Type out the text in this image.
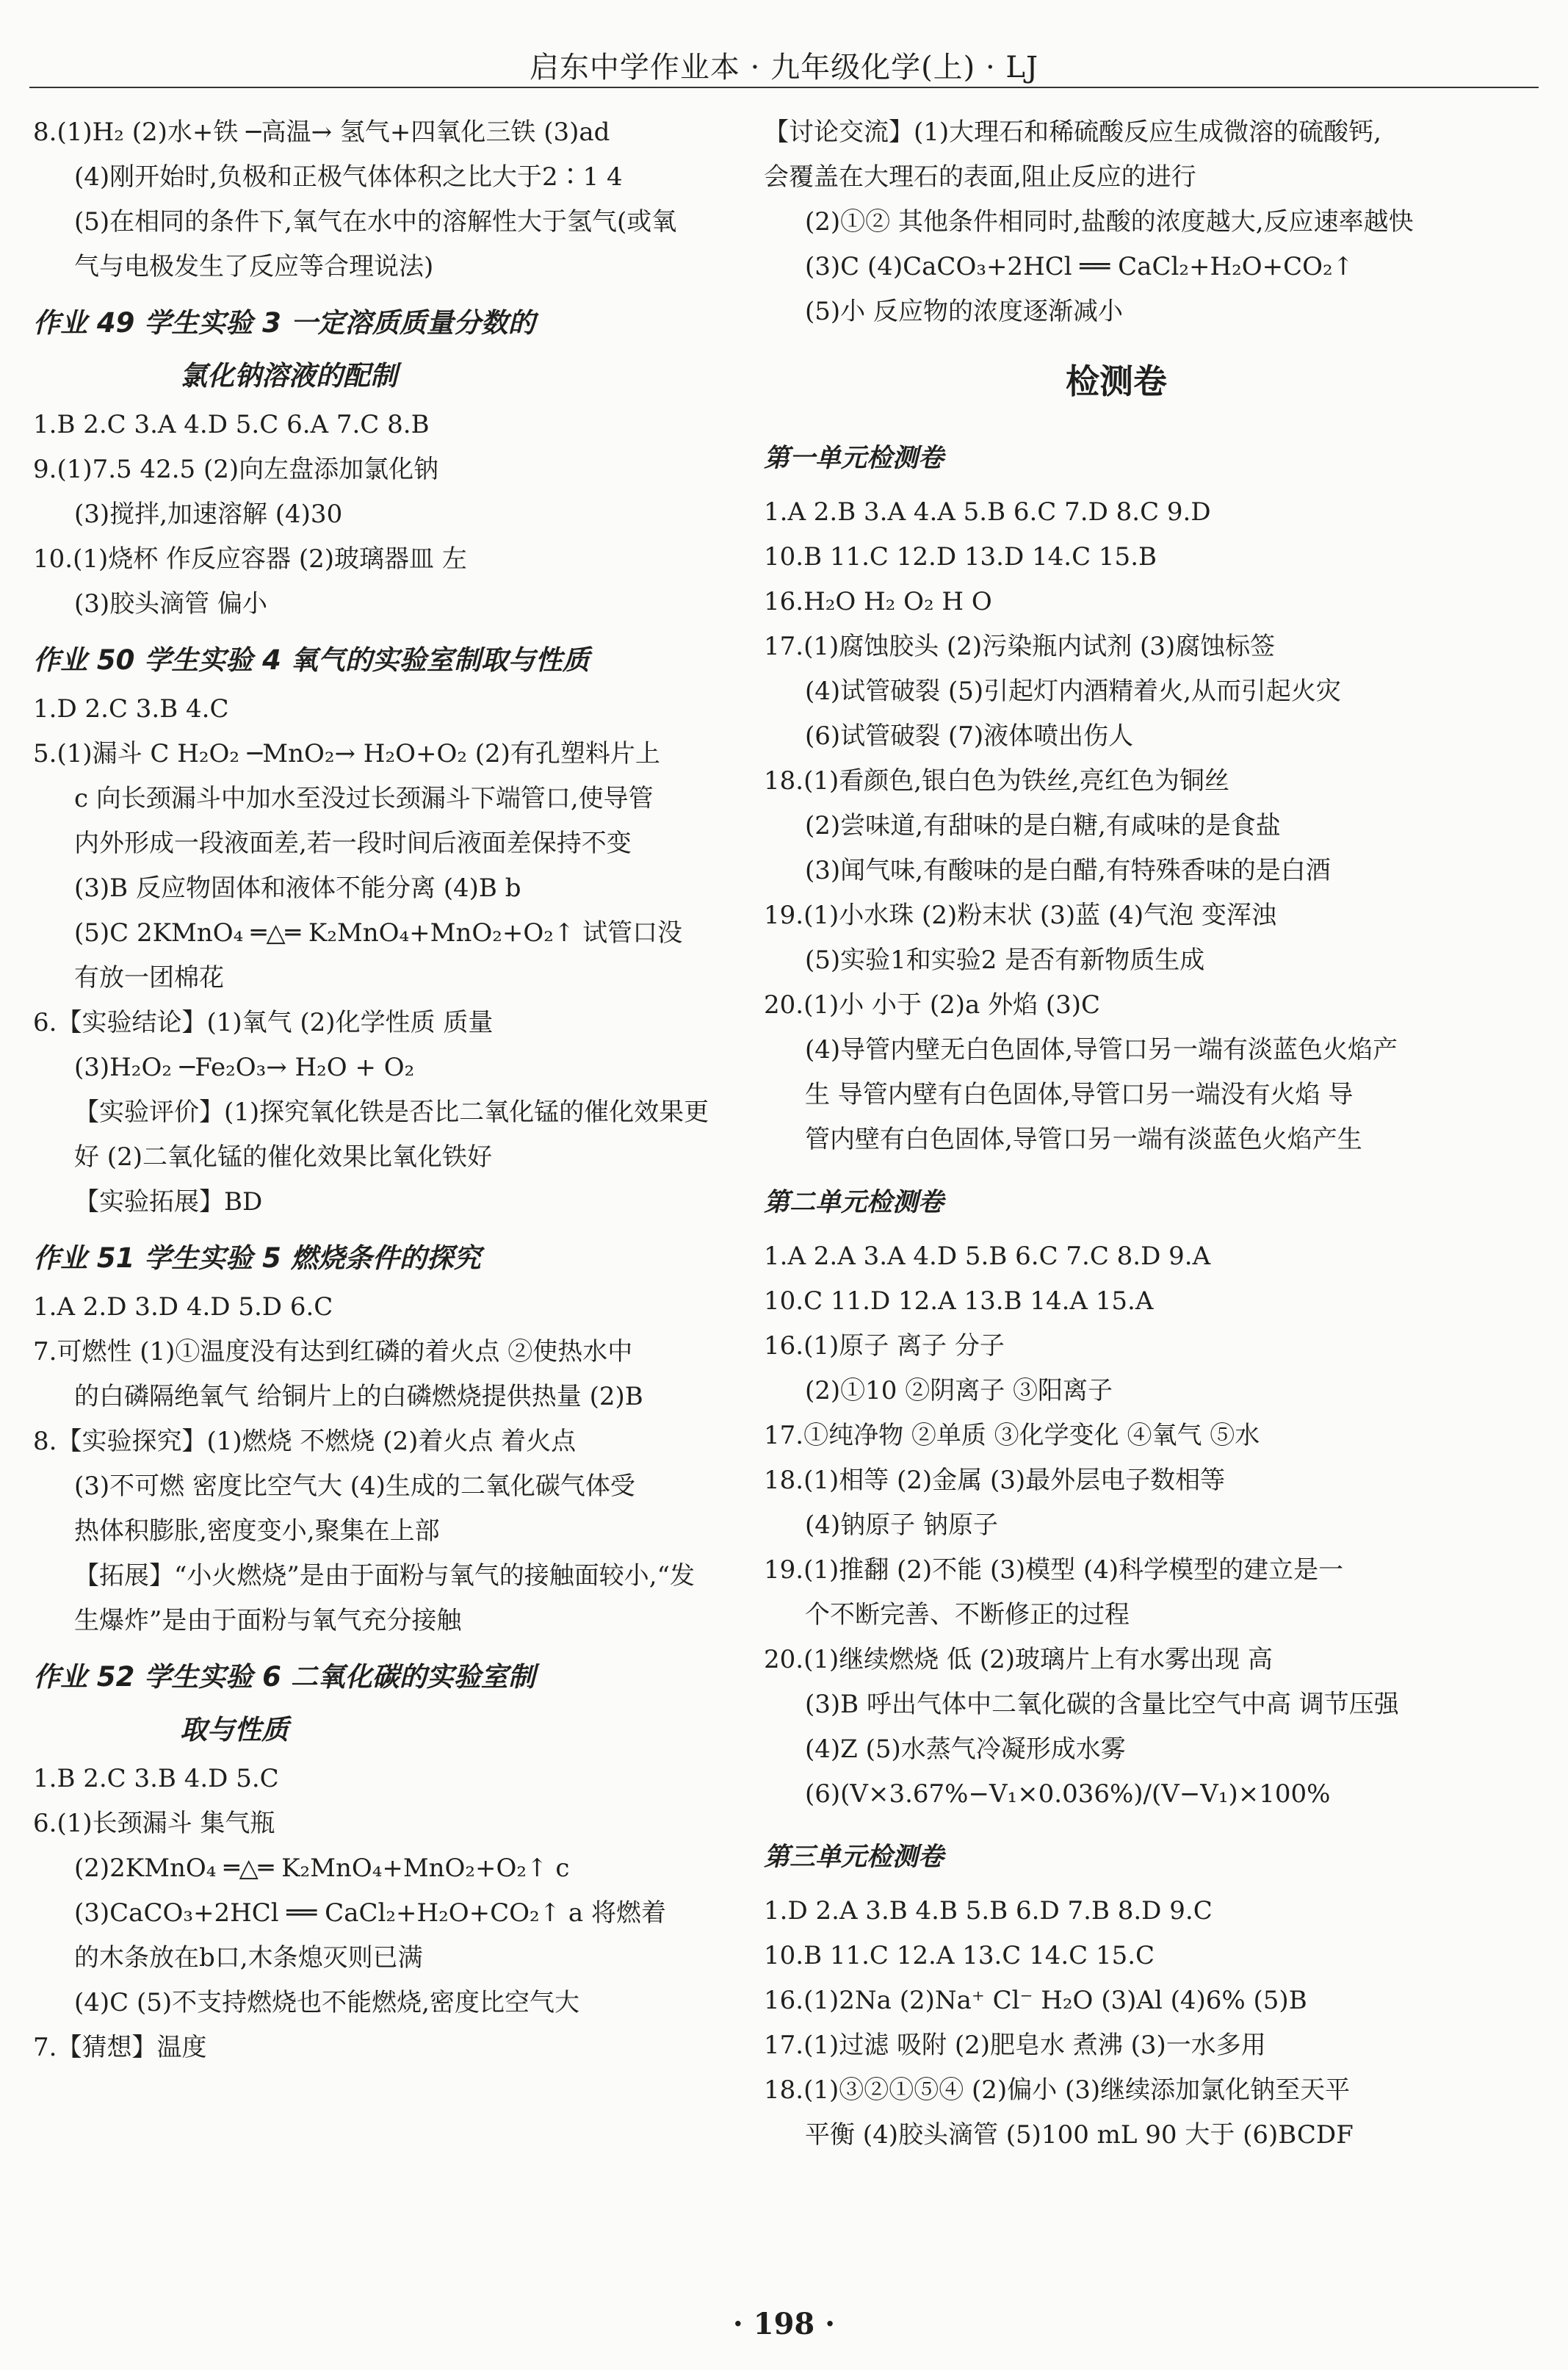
启东中学作业本 · 九年级化学(上) · LJ
8.(1)H₂ (2)水+铁 ─高温→ 氢气+四氧化三铁 (3)ad
(4)刚开始时,负极和正极气体体积之比大于2∶1 4
(5)在相同的条件下,氧气在水中的溶解性大于氢气(或氧
气与电极发生了反应等合理说法)
作业 49 学生实验 3 一定溶质质量分数的
氯化钠溶液的配制
1.B 2.C 3.A 4.D 5.C 6.A 7.C 8.B
9.(1)7.5 42.5 (2)向左盘添加氯化钠
(3)搅拌,加速溶解 (4)30
10.(1)烧杯 作反应容器 (2)玻璃器皿 左
(3)胶头滴管 偏小
作业 50 学生实验 4 氧气的实验室制取与性质
1.D 2.C 3.B 4.C
5.(1)漏斗 C H₂O₂ ─MnO₂→ H₂O+O₂ (2)有孔塑料片上
c 向长颈漏斗中加水至没过长颈漏斗下端管口,使导管
内外形成一段液面差,若一段时间后液面差保持不变
(3)B 反应物固体和液体不能分离 (4)B b
(5)C 2KMnO₄ ═△═ K₂MnO₄+MnO₂+O₂↑ 试管口没
有放一团棉花
6.【实验结论】(1)氧气 (2)化学性质 质量
(3)H₂O₂ ─Fe₂O₃→ H₂O + O₂
【实验评价】(1)探究氧化铁是否比二氧化锰的催化效果更
好 (2)二氧化锰的催化效果比氧化铁好
【实验拓展】BD
作业 51 学生实验 5 燃烧条件的探究
1.A 2.D 3.D 4.D 5.D 6.C
7.可燃性 (1)①温度没有达到红磷的着火点 ②使热水中
的白磷隔绝氧气 给铜片上的白磷燃烧提供热量 (2)B
8.【实验探究】(1)燃烧 不燃烧 (2)着火点 着火点
(3)不可燃 密度比空气大 (4)生成的二氧化碳气体受
热体积膨胀,密度变小,聚集在上部
【拓展】“小火燃烧”是由于面粉与氧气的接触面较小,“发
生爆炸”是由于面粉与氧气充分接触
作业 52 学生实验 6 二氧化碳的实验室制
取与性质
1.B 2.C 3.B 4.D 5.C
6.(1)长颈漏斗 集气瓶
(2)2KMnO₄ ═△═ K₂MnO₄+MnO₂+O₂↑ c
(3)CaCO₃+2HCl ══ CaCl₂+H₂O+CO₂↑ a 将燃着
的木条放在b口,木条熄灭则已满
(4)C (5)不支持燃烧也不能燃烧,密度比空气大
7.【猜想】温度
【讨论交流】(1)大理石和稀硫酸反应生成微溶的硫酸钙,
会覆盖在大理石的表面,阻止反应的进行
(2)①② 其他条件相同时,盐酸的浓度越大,反应速率越快
(3)C (4)CaCO₃+2HCl ══ CaCl₂+H₂O+CO₂↑
(5)小 反应物的浓度逐渐减小
检测卷
第一单元检测卷
1.A 2.B 3.A 4.A 5.B 6.C 7.D 8.C 9.D
10.B 11.C 12.D 13.D 14.C 15.B
16.H₂O H₂ O₂ H O
17.(1)腐蚀胶头 (2)污染瓶内试剂 (3)腐蚀标签
(4)试管破裂 (5)引起灯内酒精着火,从而引起火灾
(6)试管破裂 (7)液体喷出伤人
18.(1)看颜色,银白色为铁丝,亮红色为铜丝
(2)尝味道,有甜味的是白糖,有咸味的是食盐
(3)闻气味,有酸味的是白醋,有特殊香味的是白酒
19.(1)小水珠 (2)粉末状 (3)蓝 (4)气泡 变浑浊
(5)实验1和实验2 是否有新物质生成
20.(1)小 小于 (2)a 外焰 (3)C
(4)导管内壁无白色固体,导管口另一端有淡蓝色火焰产
生 导管内壁有白色固体,导管口另一端没有火焰 导
管内壁有白色固体,导管口另一端有淡蓝色火焰产生
第二单元检测卷
1.A 2.A 3.A 4.D 5.B 6.C 7.C 8.D 9.A
10.C 11.D 12.A 13.B 14.A 15.A
16.(1)原子 离子 分子
(2)①10 ②阴离子 ③阳离子
17.①纯净物 ②单质 ③化学变化 ④氧气 ⑤水
18.(1)相等 (2)金属 (3)最外层电子数相等
(4)钠原子 钠原子
19.(1)推翻 (2)不能 (3)模型 (4)科学模型的建立是一
个不断完善、不断修正的过程
20.(1)继续燃烧 低 (2)玻璃片上有水雾出现 高
(3)B 呼出气体中二氧化碳的含量比空气中高 调节压强
(4)Z (5)水蒸气冷凝形成水雾
(6)(V×3.67%−V₁×0.036%)/(V−V₁)×100%
第三单元检测卷
1.D 2.A 3.B 4.B 5.B 6.D 7.B 8.D 9.C
10.B 11.C 12.A 13.C 14.C 15.C
16.(1)2Na (2)Na⁺ Cl⁻ H₂O (3)Al (4)6% (5)B
17.(1)过滤 吸附 (2)肥皂水 煮沸 (3)一水多用
18.(1)③②①⑤④ (2)偏小 (3)继续添加氯化钠至天平
平衡 (4)胶头滴管 (5)100 mL 90 大于 (6)BCDF
· 198 ·
